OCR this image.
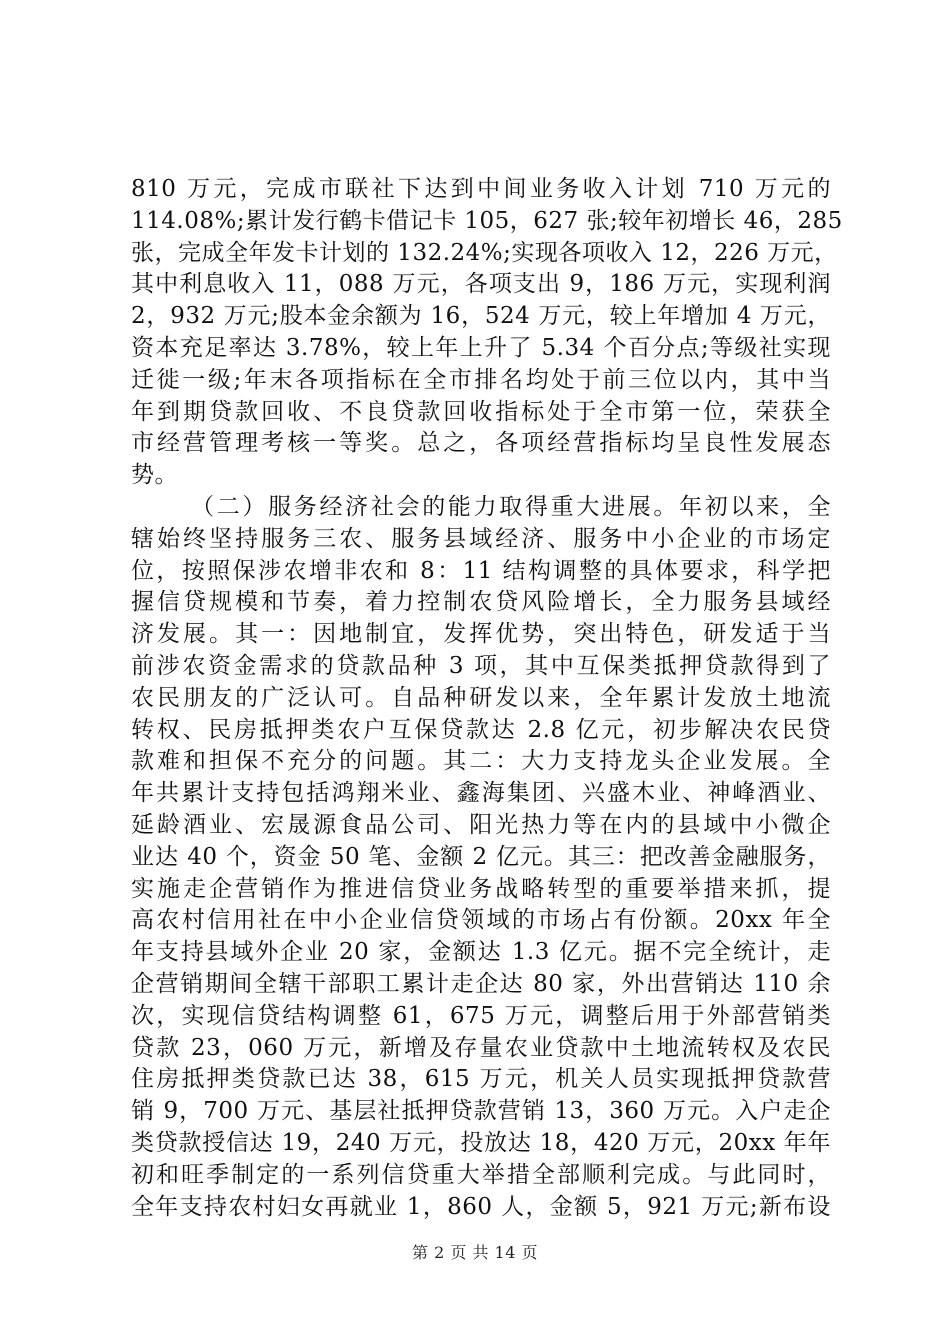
810 万元，完成市联社下达到中间业务收入计划 710 万元的
114.08%;累计发行鹤卡借记卡 105，627 张;较年初增长 46，285
张，完成全年发卡计划的 132.24%;实现各项收入 12，226 万元，
其中利息收入 11，088 万元，各项支出 9，186 万元，实现利润
2，932 万元;股本金余额为 16，524 万元，较上年增加 4 万元，
资本充足率达 3.78%，较上年上升了 5.34 个百分点;等级社实现
迁徙一级;年末各项指标在全市排名均处于前三位以内，其中当
年到期贷款回收、不良贷款回收指标处于全市第一位，荣获全
市经营管理考核一等奖。总之，各项经营指标均呈良性发展态
势。
（二）服务经济社会的能力取得重大进展。年初以来，全
辖始终坚持服务三农、服务县域经济、服务中小企业的市场定
位，按照保涉农增非农和 8：11 结构调整的具体要求，科学把
握信贷规模和节奏，着力控制农贷风险增长，全力服务县域经
济发展。其一：因地制宜，发挥优势，突出特色，研发适于当
前涉农资金需求的贷款品种 3 项，其中互保类抵押贷款得到了
农民朋友的广泛认可。自品种研发以来，全年累计发放土地流
转权、民房抵押类农户互保贷款达 2.8 亿元，初步解决农民贷
款难和担保不充分的问题。其二：大力支持龙头企业发展。全
年共累计支持包括鸿翔米业、鑫海集团、兴盛木业、神峰酒业、
延龄酒业、宏晟源食品公司、阳光热力等在内的县域中小微企
业达 40 个，资金 50 笔、金额 2 亿元。其三：把改善金融服务，
实施走企营销作为推进信贷业务战略转型的重要举措来抓，提
高农村信用社在中小企业信贷领域的市场占有份额。20xx 年全
年支持县域外企业 20 家，金额达 1.3 亿元。据不完全统计，走
企营销期间全辖干部职工累计走企达 80 家，外出营销达 110 余
次，实现信贷结构调整 61，675 万元，调整后用于外部营销类
贷款 23，060 万元，新增及存量农业贷款中土地流转权及农民
住房抵押类贷款已达 38，615 万元，机关人员实现抵押贷款营
销 9，700 万元、基层社抵押贷款营销 13，360 万元。入户走企
类贷款授信达 19，240 万元，投放达 18，420 万元，20xx 年年
初和旺季制定的一系列信贷重大举措全部顺利完成。与此同时，
全年支持农村妇女再就业 1，860 人，金额 5，921 万元;新布设
第 2 页 共 14 页
